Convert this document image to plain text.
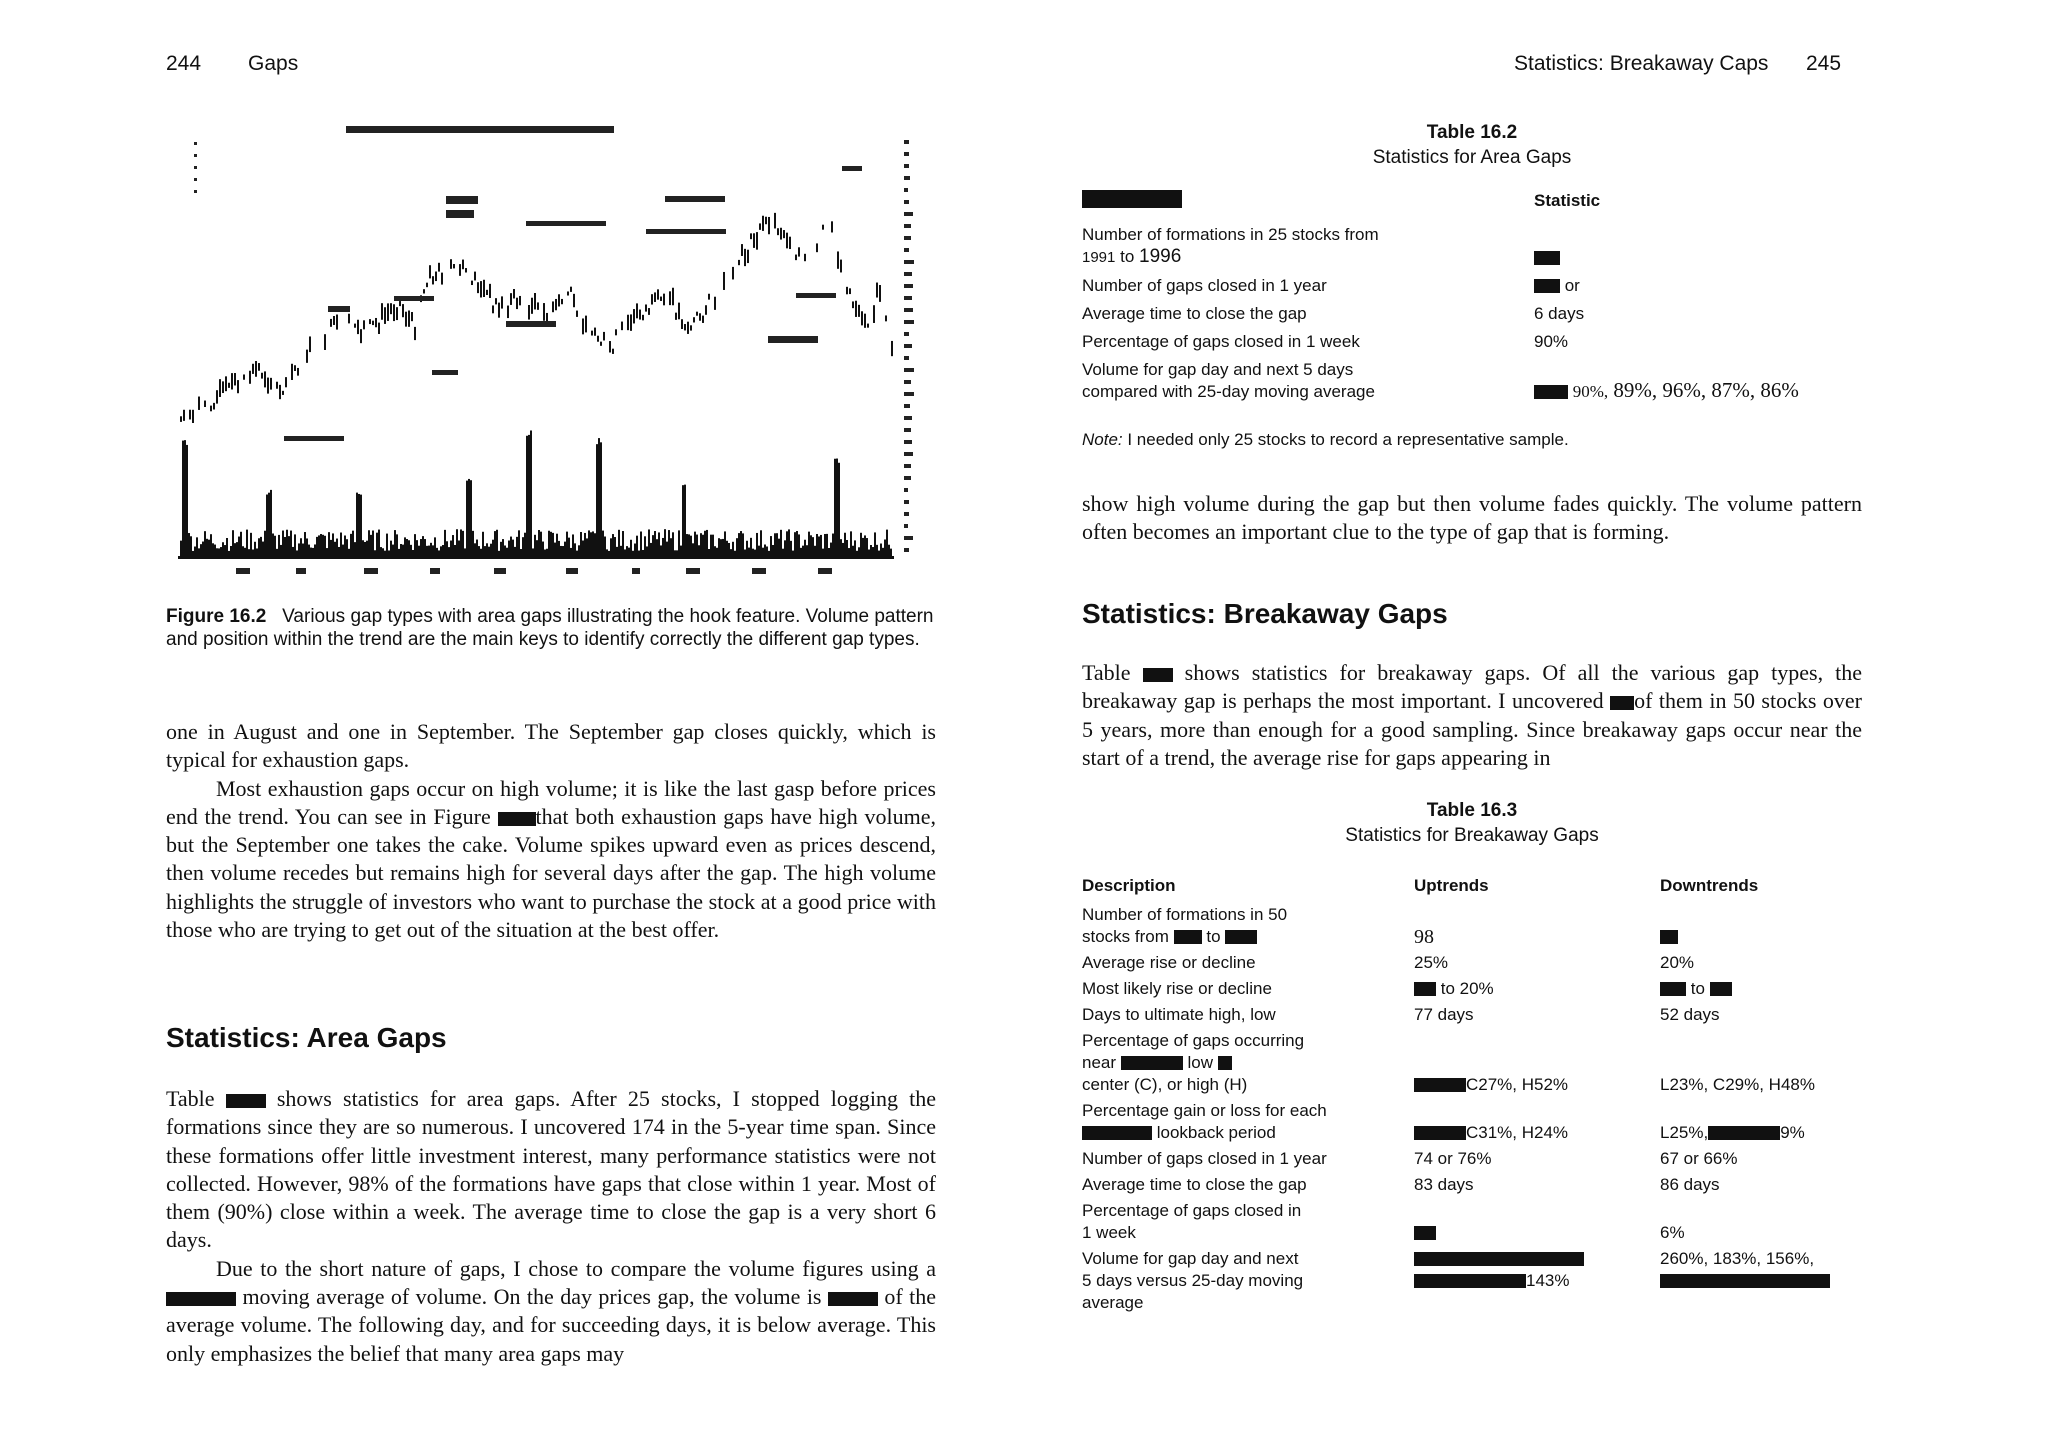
244 Gaps
Figure 16.2 Various gap types with area gaps illustrating the hook feature. Volume pattern and position within the trend are the main keys to identify correctly the different gap types.

one in August and one in September. The September gap closes quickly, which is typical for exhaustion gaps.

Most exhaustion gaps occur on high volume; it is like the last gasp before prices end the trend. You can see in Figure that both exhaustion gaps have high volume, but the September one takes the cake. Volume spikes upward even as prices descend, then volume recedes but remains high for several days after the gap. The high volume highlights the struggle of investors who want to purchase the stock at a good price with those who are trying to get out of the situation at the best offer.

Statistics: Area Gaps

Table	shows statistics for area gaps. After 25 stocks, I stopped logging the formations since they are so numerous. I uncovered 174 in the 5-year time span. Since these formations offer little investment interest, many performance statistics were not collected. However, 98% of the formations have gaps that close within 1 year. Most of them (90%) close within a week. The average time to close the gap is a very short 6 days.

Due to the short nature of gaps, I chose to compare the volume figures using a  moving average of volume. On the day prices gap, the volume is	of the average volume. The following day, and for succeeding days, it is below average. This only emphasizes the belief that many area gaps may

Statistics: Breakaway Caps 245
Table 16.2
Statistics for Area Gaps
	Statistic
Number of formations in 25 stocks from
1991 to 1996	
Number of gaps closed in 1 year	or
Average time to close the gap	6 days
Percentage of gaps closed in 1 week	90%
Volume for gap day and next 5 days
compared with 25-day moving average	90%, 89%, 96%, 87%, 86%
Note: I needed only 25 stocks to record a representative sample.

show high volume during the gap but then volume fades quickly. The volume pattern often becomes an important clue to the type of gap that is forming.

Statistics: Breakaway Gaps

Table shows statistics for breakaway gaps. Of all the various gap types, the breakaway gap is perhaps the most important. I uncovered of them in 50 stocks over 5 years, more than enough for a good sampling. Since breakaway gaps occur near the start of a trend, the average rise for gaps appearing in

Table 16.3
Statistics for Breakaway Gaps
Description	Uptrends	Downtrends
Number of formations in 50
stocks from  to	98	
Average rise or decline	25%	20%
Most likely rise or decline	to 20%	to
Days to ultimate high, low	77 days	52 days
Percentage of gaps occurring
near low
center (C), or high (H)	C27%, H52%	L23%, C29%, H48%
Percentage gain or loss for each
lookback period	C31%, H24%	L25%, 9%
Number of gaps closed in 1 year	74 or 76%	67 or 66%
Average time to close the gap	83 days	86 days
Percentage of gaps closed in
1 week		6%
Volume for gap day and next
5 days versus 25-day moving
average	143%	260%, 183%, 156%,
